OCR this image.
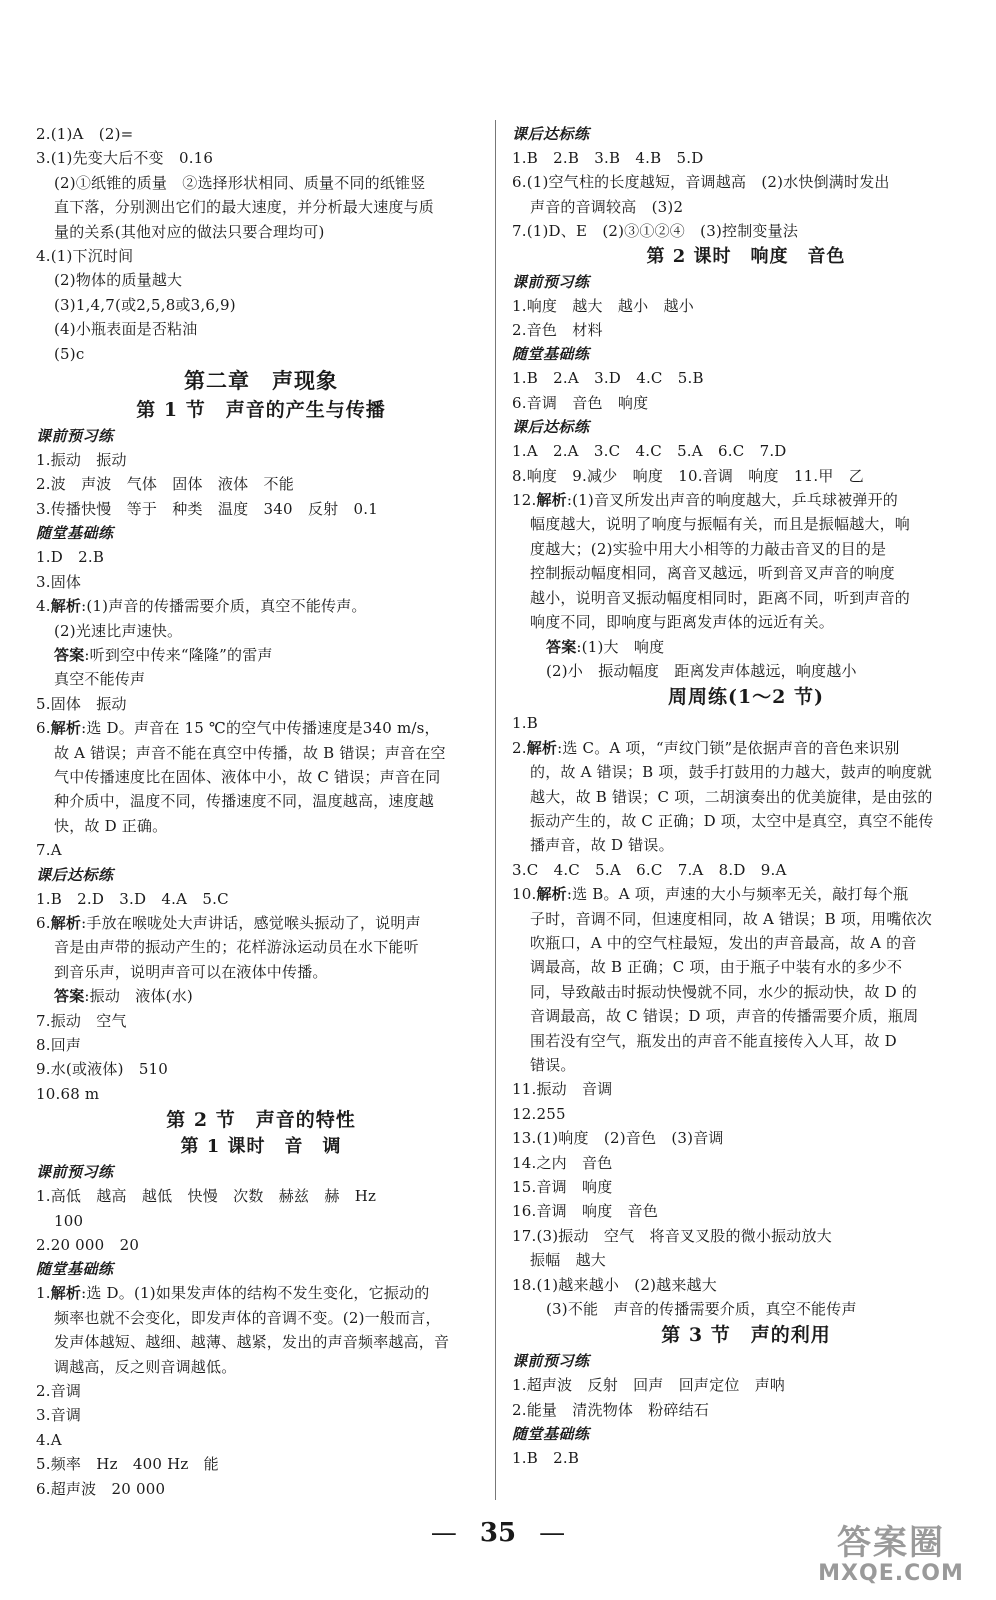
2.(1)A　(2)=
3.(1)先变大后不变　0.16
(2)①纸锥的质量　②选择形状相同、质量不同的纸锥竖
直下落，分别测出它们的最大速度，并分析最大速度与质
量的关系(其他对应的做法只要合理均可)
4.(1)下沉时间
(2)物体的质量越大
(3)1,4,7(或2,5,8或3,6,9)
(4)小瓶表面是否粘油
(5)c
第二章　声现象
第 1 节　声音的产生与传播
课前预习练
1.振动　振动
2.波　声波　气体　固体　液体　不能
3.传播快慢　等于　种类　温度　340　反射　0.1
随堂基础练
1.D　2.B
3.固体
4.解析:(1)声音的传播需要介质，真空不能传声。
(2)光速比声速快。
答案:听到空中传来“隆隆”的雷声
真空不能传声
5.固体　振动
6.解析:选 D。声音在 15 ℃的空气中传播速度是340 m/s，
故 A 错误；声音不能在真空中传播，故 B 错误；声音在空
气中传播速度比在固体、液体中小，故 C 错误；声音在同
种介质中，温度不同，传播速度不同，温度越高，速度越
快，故 D 正确。
7.A
课后达标练
1.B　2.D　3.D　4.A　5.C
6.解析:手放在喉咙处大声讲话，感觉喉头振动了，说明声
音是由声带的振动产生的；花样游泳运动员在水下能听
到音乐声，说明声音可以在液体中传播。
答案:振动　液体(水)
7.振动　空气
8.回声
9.水(或液体)　510
10.68 m
第 2 节　声音的特性
第 1 课时　音　调
课前预习练
1.高低　越高　越低　快慢　次数　赫兹　赫　Hz
100
2.20 000　20
随堂基础练
1.解析:选 D。(1)如果发声体的结构不发生变化，它振动的
频率也就不会变化，即发声体的音调不变。(2)一般而言，
发声体越短、越细、越薄、越紧，发出的声音频率越高，音
调越高，反之则音调越低。
2.音调
3.音调
4.A
5.频率　Hz　400 Hz　能
6.超声波　20 000
课后达标练
1.B　2.B　3.B　4.B　5.D
6.(1)空气柱的长度越短，音调越高　(2)水快倒满时发出
声音的音调较高　(3)2
7.(1)D、E　(2)③①②④　(3)控制变量法
第 2 课时　响度　音色
课前预习练
1.响度　越大　越小　越小
2.音色　材料
随堂基础练
1.B　2.A　3.D　4.C　5.B
6.音调　音色　响度
课后达标练
1.A　2.A　3.C　4.C　5.A　6.C　7.D
8.响度　9.减少　响度　10.音调　响度　11.甲　乙
12.解析:(1)音叉所发出声音的响度越大，乒乓球被弹开的
幅度越大，说明了响度与振幅有关，而且是振幅越大，响
度越大；(2)实验中用大小相等的力敲击音叉的目的是
控制振动幅度相同，离音叉越远，听到音叉声音的响度
越小，说明音叉振动幅度相同时，距离不同，听到声音的
响度不同，即响度与距离发声体的远近有关。
答案:(1)大　响度
(2)小　振动幅度　距离发声体越远，响度越小
周周练(1～2 节)
1.B
2.解析:选 C。A 项，“声纹门锁”是依据声音的音色来识别
的，故 A 错误；B 项，鼓手打鼓用的力越大，鼓声的响度就
越大，故 B 错误；C 项，二胡演奏出的优美旋律，是由弦的
振动产生的，故 C 正确；D 项，太空中是真空，真空不能传
播声音，故 D 错误。
3.C　4.C　5.A　6.C　7.A　8.D　9.A
10.解析:选 B。A 项，声速的大小与频率无关，敲打每个瓶
子时，音调不同，但速度相同，故 A 错误；B 项，用嘴依次
吹瓶口，A 中的空气柱最短，发出的声音最高，故 A 的音
调最高，故 B 正确；C 项，由于瓶子中装有水的多少不
同，导致敲击时振动快慢就不同，水少的振动快，故 D 的
音调最高，故 C 错误；D 项，声音的传播需要介质，瓶周
围若没有空气，瓶发出的声音不能直接传入人耳，故 D
错误。
11.振动　音调
12.255
13.(1)响度　(2)音色　(3)音调
14.之内　音色
15.音调　响度
16.音调　响度　音色
17.(3)振动　空气　将音叉叉股的微小振动放大
振幅　越大
18.(1)越来越小　(2)越来越大
(3)不能　声音的传播需要介质，真空不能传声
第 3 节　声的利用
课前预习练
1.超声波　反射　回声　回声定位　声呐
2.能量　清洗物体　粉碎结石
随堂基础练
1.B　2.B
— 35 —	答案圈
MXQE.COM
